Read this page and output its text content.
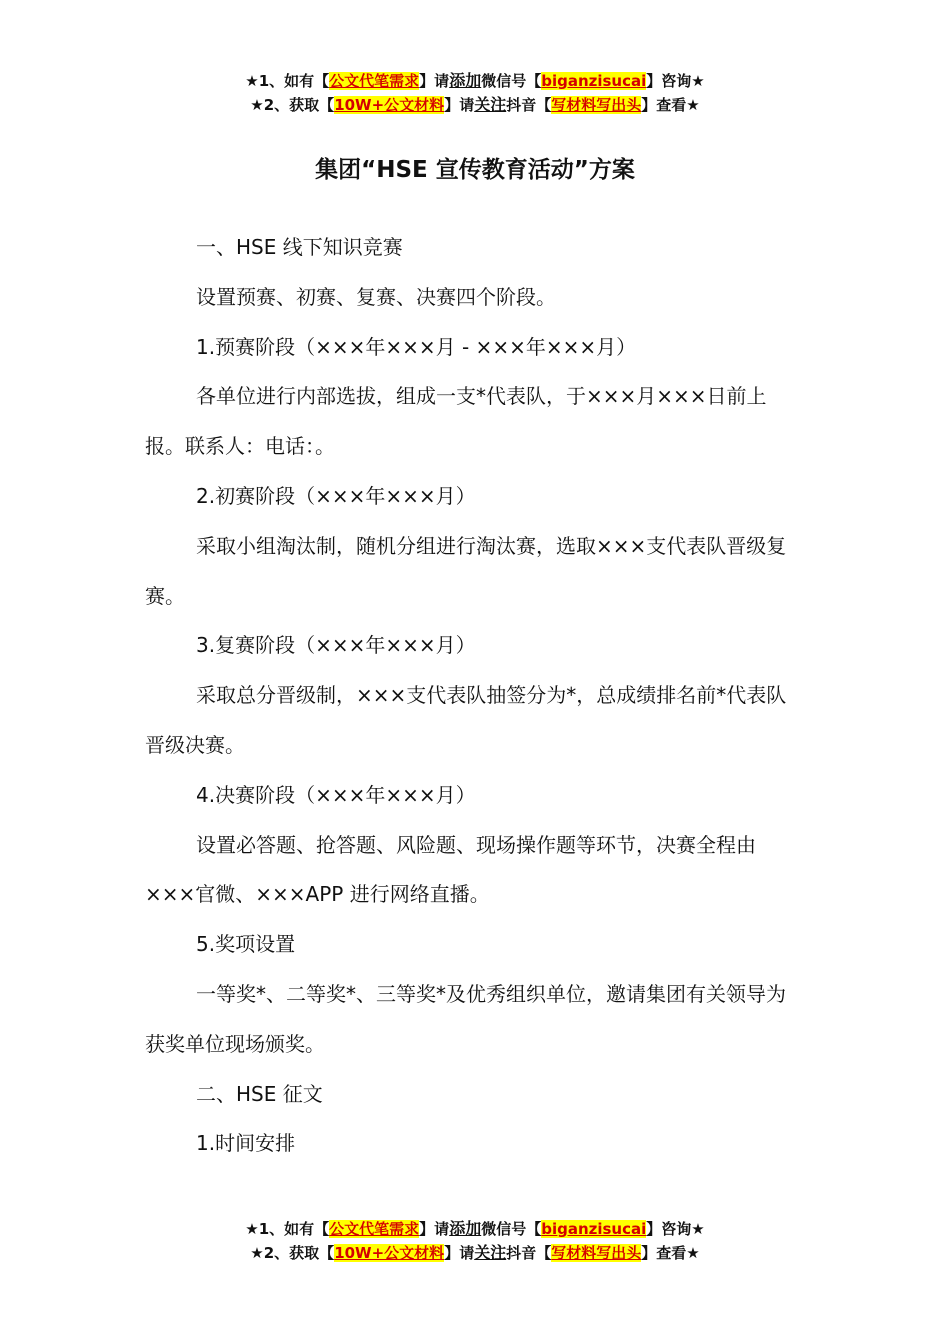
★1、如有【公文代笔需求】请添加微信号【biganzisucai】咨询★
★2、获取【10W+公文材料】请关注抖音【写材料写出头】查看★
集团“HSE 宣传教育活动”方案

一、HSE 线下知识竞赛

设置预赛、初赛、复赛、决赛四个阶段。

1.预赛阶段（×××年×××月 - ×××年×××月）

各单位进行内部选拔，组成一支*代表队，于×××月×××日前上报。联系人：电话：。

2.初赛阶段（×××年×××月）

采取小组淘汰制，随机分组进行淘汰赛，选取×××支代表队晋级复赛。

3.复赛阶段（×××年×××月）

采取总分晋级制，×××支代表队抽签分为*，总成绩排名前*代表队晋级决赛。

4.决赛阶段（×××年×××月）

设置必答题、抢答题、风险题、现场操作题等环节，决赛全程由×××官微、×××APP 进行网络直播。

5.奖项设置

一等奖*、二等奖*、三等奖*及优秀组织单位，邀请集团有关领导为获奖单位现场颁奖。

二、HSE 征文

1.时间安排

★1、如有【公文代笔需求】请添加微信号【biganzisucai】咨询★
★2、获取【10W+公文材料】请关注抖音【写材料写出头】查看★
